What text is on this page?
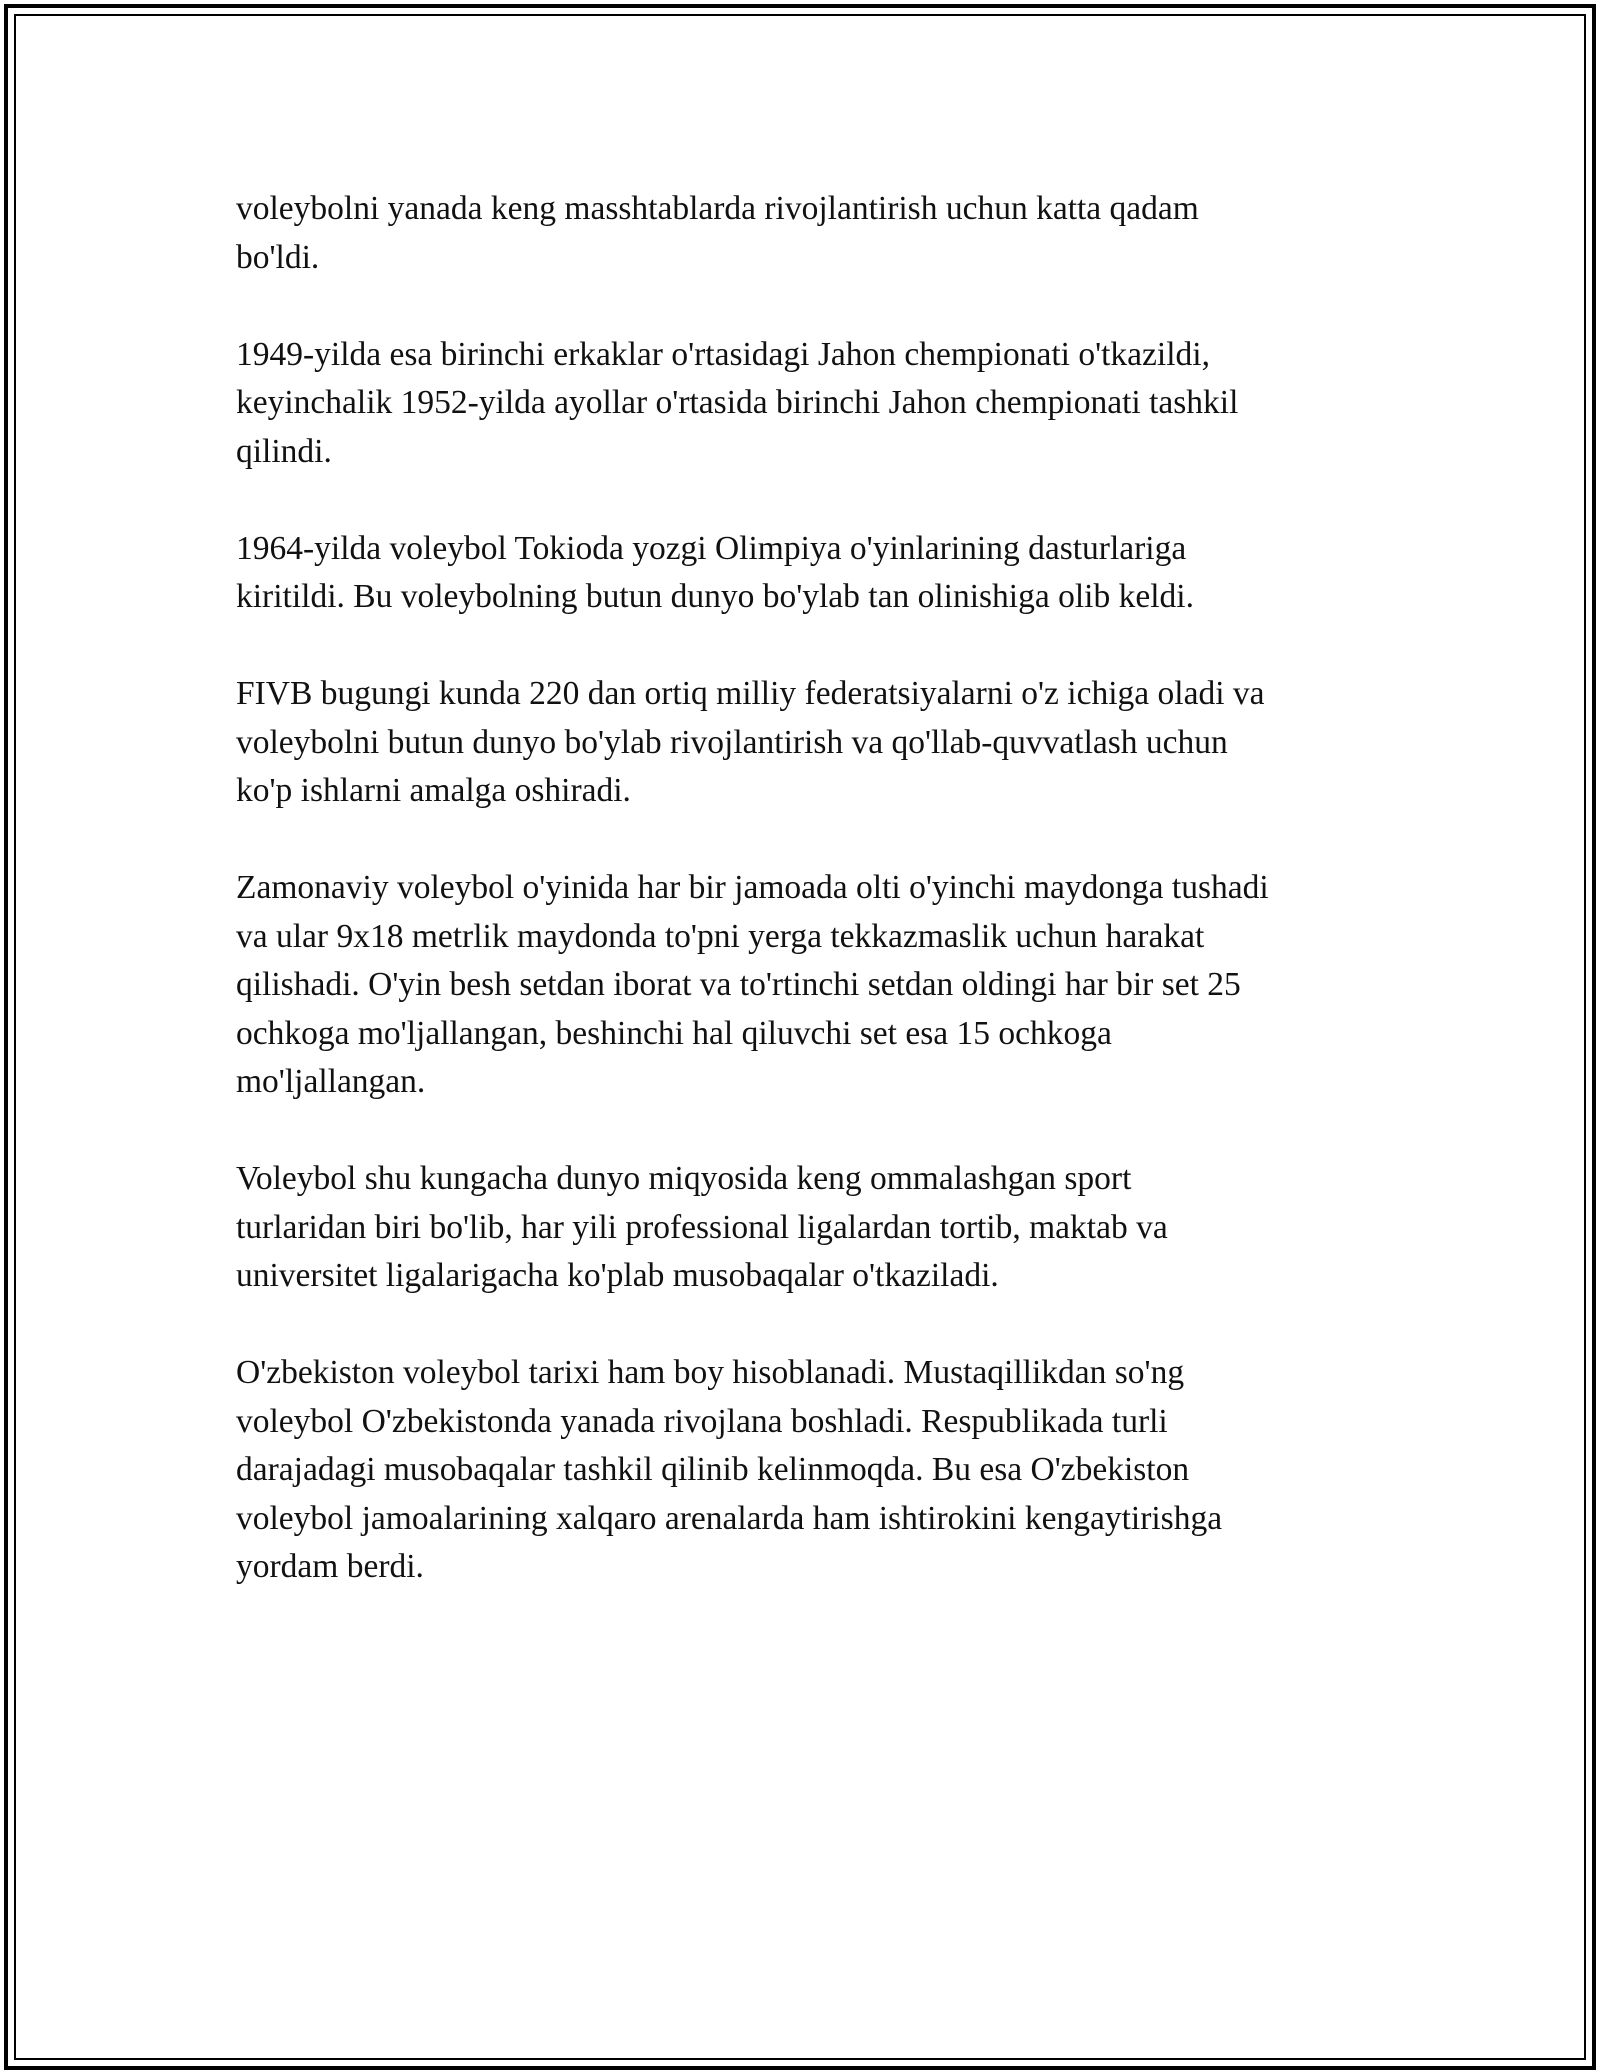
voleybolni yanada keng masshtablarda rivojlantirish uchun katta qadam
bo'ldi.

1949-yilda esa birinchi erkaklar o'rtasidagi Jahon chempionati o'tkazildi,
keyinchalik 1952-yilda ayollar o'rtasida birinchi Jahon chempionati tashkil
qilindi.

1964-yilda voleybol Tokioda yozgi Olimpiya o'yinlarining dasturlariga
kiritildi. Bu voleybolning butun dunyo bo'ylab tan olinishiga olib keldi.

FIVB bugungi kunda 220 dan ortiq milliy federatsiyalarni o'z ichiga oladi va
voleybolni butun dunyo bo'ylab rivojlantirish va qo'llab-quvvatlash uchun
ko'p ishlarni amalga oshiradi.

Zamonaviy voleybol o'yinida har bir jamoada olti o'yinchi maydonga tushadi
va ular 9x18 metrlik maydonda to'pni yerga tekkazmaslik uchun harakat
qilishadi. O'yin besh setdan iborat va to'rtinchi setdan oldingi har bir set 25
ochkoga mo'ljallangan, beshinchi hal qiluvchi set esa 15 ochkoga
mo'ljallangan.

Voleybol shu kungacha dunyo miqyosida keng ommalashgan sport
turlaridan biri bo'lib, har yili professional ligalardan tortib, maktab va
universitet ligalarigacha ko'plab musobaqalar o'tkaziladi.

O'zbekiston voleybol tarixi ham boy hisoblanadi. Mustaqillikdan so'ng
voleybol O'zbekistonda yanada rivojlana boshladi. Respublikada turli
darajadagi musobaqalar tashkil qilinib kelinmoqda. Bu esa O'zbekiston
voleybol jamoalarining xalqaro arenalarda ham ishtirokini kengaytirishga
yordam berdi.
